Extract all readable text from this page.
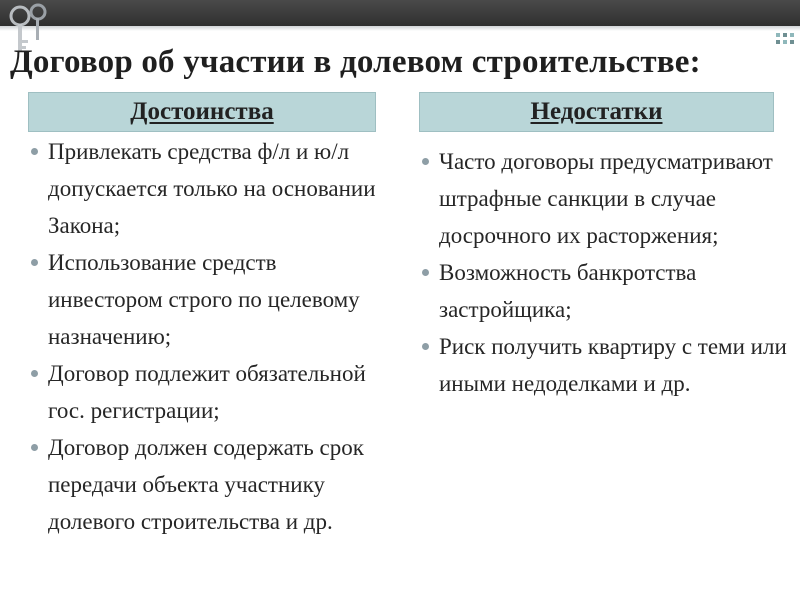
Договор об участии в долевом строительстве:
Достоинства	Недостатки
Привлекать средства ф/л и ю/л допускается только на основании Закона;
Использование средств инвестором строго по целевому назначению;
Договор подлежит обязательной гос. регистрации;
Договор должен содержать срок передачи объекта участнику долевого строительства и др.
Часто договоры предусматривают штрафные санкции в случае досрочного их расторжения;
Возможность банкротства застройщика;
Риск получить квартиру с теми или иными недоделками и др.
